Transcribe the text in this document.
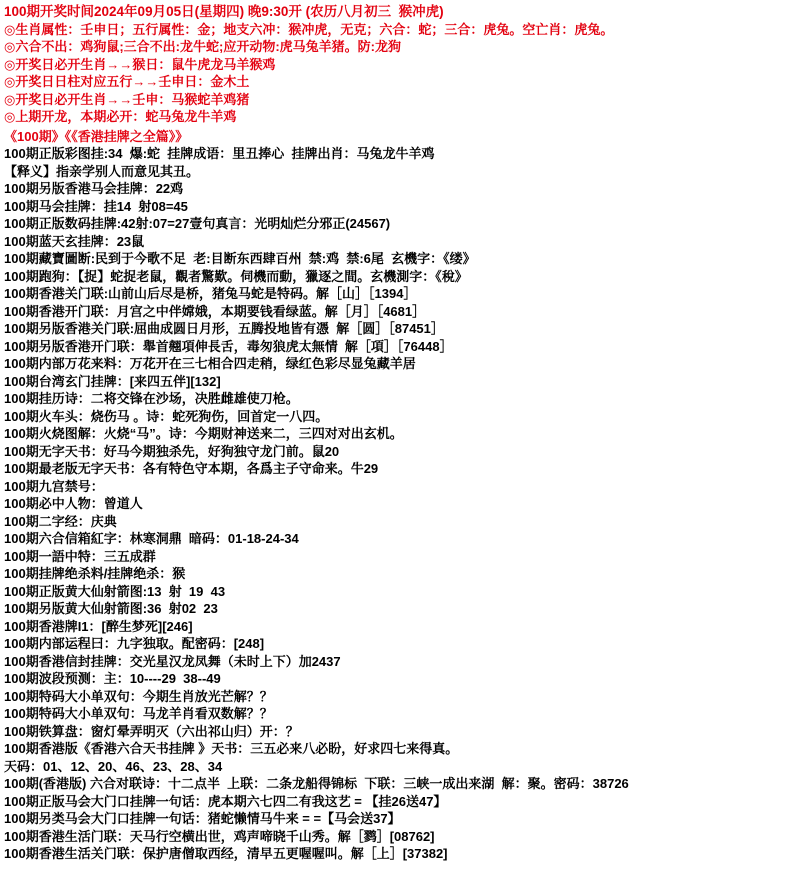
100期开奖时间2024年09月05日(星期四) 晚9:30开 (农历八月初三  猴冲虎)
◎生肖属性：壬申日；五行属性：金；地支六冲：猴冲虎，无克；六合：蛇；三合：虎兔。空亡肖：虎兔。
◎六合不出：鸡狗鼠;三合不出:龙牛蛇;应开动物:虎马兔羊猪。防:龙狗
◎开奖日必开生肖→→猴日：鼠牛虎龙马羊猴鸡
◎开奖日日柱对应五行→→壬申日：金木土
◎开奖日必开生肖→→壬申：马猴蛇羊鸡猪
◎上期开龙，本期必开：蛇马兔龙牛羊鸡
《100期》《《香港挂牌之全篇》》
100期正版彩图挂:34  爆:蛇  挂牌成语：里丑捧心  挂牌出肖：马兔龙牛羊鸡
【释义】指亲学别人而意见其丑。
100期另版香港马会挂牌：22鸡
100期马会挂牌：挂14  射08=45
100期正版数码挂牌:42射:07=27壹句真言：光明灿烂分邪正(24567)
100期蓝天玄挂牌：23鼠
100期藏寶圖断:民到于今歌不足  老:目断东西肆百州  禁:鸡  禁:6尾  玄機字：《缕》
100期跑狗：【捉】蛇捉老鼠，觀者驚歎。伺機而動，獵逐之間。玄機測字：《稅》
100期香港关门联:山前山后尽是桥，猪兔马蛇是特码。解［山］［1394］
100期香港开门联：月宫之中伴嫦娥，本期要钱看绿蓝。解［月］［4681］
100期另版香港关门联:屈曲成圆日月形，五腾投地皆有憑  解［圆］［87451］
100期另版香港开门联：舉首翹項伸長舌，毒匆狼虎太無情  解［項］［76448］
100期内部万花来料：万花开在三七相合四走稍，绿红色彩尽显兔藏羊居
100期台湾玄门挂牌：[来四五伴][132]
100期挂历诗：二将交锋在沙场，决胜雌雄使刀枪。
100期火车头：烧伤马 。诗：蛇死狗伤，回首定一八四。
100期火烧图解：火烧“马”。诗：今期财神送来二，三四对对出玄机。
100期无字天书：好马今期独杀先，好狗独守龙门前。鼠20
100期最老版无字天书：各有特色守本期，各爲主子守命来。牛29
100期九宫禁号：
100期必中人物：曾道人
100期二字经：庆典
100期六合信箱紅字：林寒洞鼎  暗码：01-18-24-34
100期一語中特：三五成群
100期挂牌绝杀料/挂牌绝杀：猴
100期正版黄大仙射箭图:13  射  19  43
100期另版黄大仙射箭图:36  射02  23
100期香港牌I1：[醉生梦死][246]
100期内部运程曰：九字独取。配密码：[248]
100期香港信封挂牌：交光星汉龙凤舞（未时上下）加2437
100期波段预测：主：10----29  38--49
100期特码大小单双句：今期生肖放光芒解？？
100期特码大小单双句：马龙羊肖看双数解？？
100期铁算盘：窗灯晕弄明灭（六出祁山归）开：？
100期香港版《香港六合天书挂牌 》天书：三五必来八必盼，好求四七来得真。
天码：01、12、20、46、23、28、34
100期(香港版) 六合对联诗：十二点半  上联：二条龙船得锦标  下联：三峡一成出来湖  解：聚。密码：38726
100期正版马会大门口挂牌一句话：虎本期六七四二有我这艺 = 【挂26送47】
100期另类马会大门口挂牌一句话：猪蛇懒情马牛来 = =【马会送37】
100期香港生活门联：天马行空横出世，鸡声啼晓千山秀。解［鹨］[08762]
100期香港生活关门联：保护唐僧取西经，清早五更喔喔叫。解［上］[37382]
